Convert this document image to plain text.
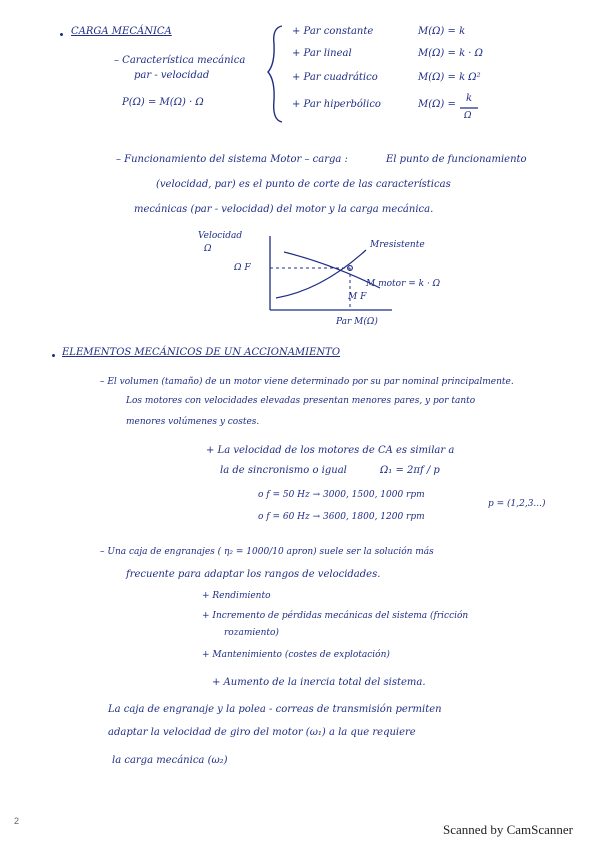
CARGA MECÁNICA
– Característica mecánica
par - velocidad
P(Ω) = M(Ω) · Ω
+ Par constante	M(Ω) = k
+ Par lineal	M(Ω) = k · Ω
+ Par cuadrático	M(Ω) = k Ω²
+ Par hiperbólico	M(Ω) =
k
Ω
– Funcionamiento del sistema Motor – carga :	El punto de funcionamiento
(velocidad, par) es el punto de corte de las características
mecánicas (par - velocidad) del motor y la carga mecánica.
Velocidad
Ω
Ω F
Mresistente
M motor = k · Ω
M F
Par M(Ω)
ELEMENTOS MECÁNICOS DE UN ACCIONAMIENTO
– El volumen (tamaño) de un motor viene determinado por su par nominal principalmente.
Los motores con velocidades elevadas presentan menores pares, y por tanto
menores volúmenes y costes.
+ La velocidad de los motores de CA es similar a
la de sincronismo o igual	Ω₁ = 2πf / p
o f = 50 Hz → 3000, 1500, 1000 rpm
o f = 60 Hz → 3600, 1800, 1200 rpm
p = (1,2,3...)
– Una caja de engranajes ( η₂ = 1000/10 apron) suele ser la solución más
frecuente para adaptar los rangos de velocidades.
+ Rendimiento
+ Incremento de pérdidas mecánicas del sistema (fricción
rozamiento)
+ Mantenimiento (costes de explotación)
+ Aumento de la inercia total del sistema.
La caja de engranaje y la polea - correas de transmisión permiten
adaptar la velocidad de giro del motor (ω₁) a la que requiere
la carga mecánica (ω₂)
2
Scanned by CamScanner
